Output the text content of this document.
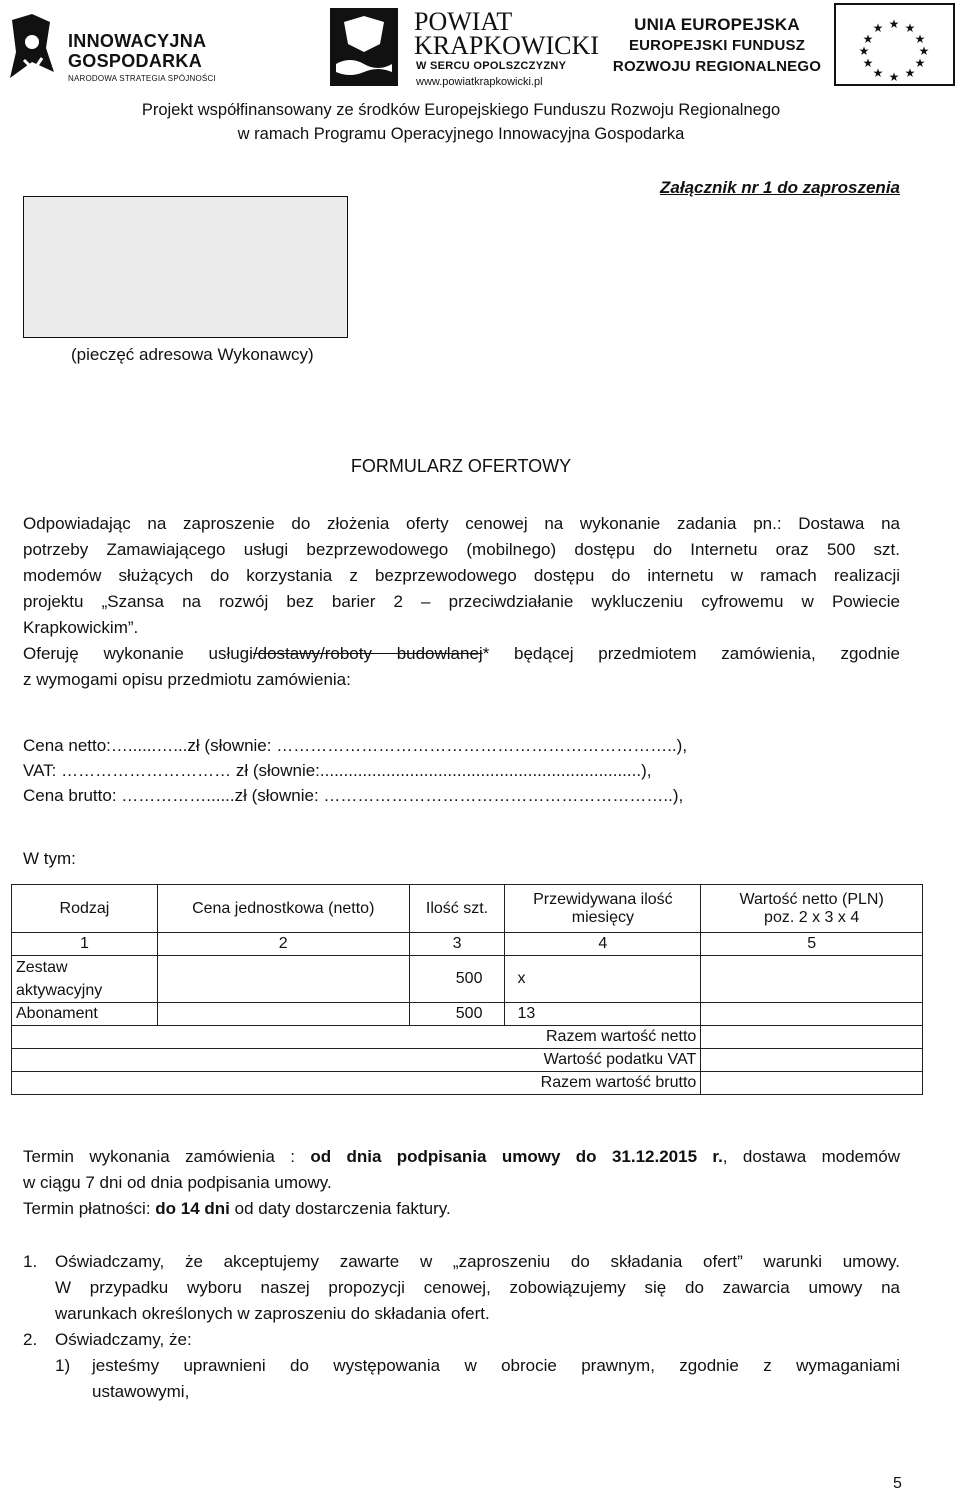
INNOWACYJNA
GOSPODARKA
NARODOWA STRATEGIA SPÓJNOŚCI
POWIAT
KRAPKOWICKI
W SERCU OPOLSZCZYZNY
www.powiatkrapkowicki.pl
UNIA EUROPEJSKA
EUROPEJSKI FUNDUSZ
ROZWOJU REGIONALNEGO
★ ★
★
★
★
★
★
★
★
★
★
★
Projekt współfinansowany ze środków Europejskiego Funduszu Rozwoju Regionalnego
w ramach Programu Operacyjnego Innowacyjna Gospodarka
Załącznik nr 1 do zaproszenia
(pieczęć adresowa Wykonawcy)
FORMULARZ OFERTOWY
Odpowiadając na zaproszenie do złożenia oferty cenowej na wykonanie zadania pn.: Dostawa na
potrzeby Zamawiającego usługi bezprzewodowego (mobilnego) dostępu do Internetu oraz 500 szt.
modemów służących do korzystania z bezprzewodowego dostępu do internetu w ramach realizacji
projektu „Szansa na rozwój bez barier 2 – przeciwdziałanie wykluczeniu cyfrowemu w Powiecie
Krapkowickim”.
Oferuję wykonanie usługi/dostawy/roboty budowlanej* będącej przedmiotem zamówienia, zgodnie
z wymogami opisu przedmiotu zamówienia:
Cena netto:…......…...zł (słownie: ……………………………………………………………..),
VAT: ………………………… zł (słownie:....................................................................),
Cena brutto: ……………......zł (słownie: ……………………………………………………..),
W tym:
Rodzaj	Cena jednostkowa (netto)	Ilość szt.	Przewidywana ilość miesięcy	Wartość netto (PLN)
poz. 2 x 3 x 4

1	2	3	4	5
Zestaw aktywacyjny		500	x	
Abonament		500	13	
Razem wartość netto				
Wartość podatku VAT				
Razem wartość brutto				
Termin wykonania zamówienia : od dnia podpisania umowy do 31.12.2015 r., dostawa modemów
w ciągu 7 dni od dnia podpisania umowy.
Termin płatności: do 14 dni od daty dostarczenia faktury.
1. Oświadczamy, że akceptujemy zawarte w „zaproszeniu do składania ofert” warunki umowy.
W przypadku wyboru naszej propozycji cenowej, zobowiązujemy się do zawarcia umowy na
warunkach określonych w zaproszeniu do składania ofert.
2. Oświadczamy, że:
1) jesteśmy uprawnieni do występowania w obrocie prawnym, zgodnie z wymaganiami
ustawowymi,
5
